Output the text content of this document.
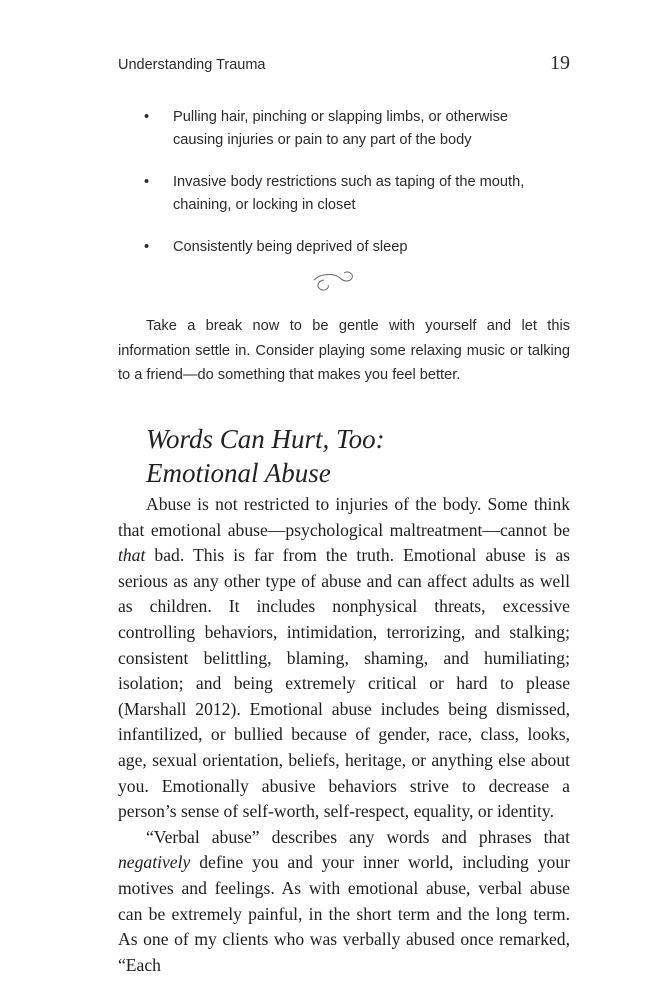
Understanding Trauma	19
• Pulling hair, pinching or slapping limbs, or otherwise causing injuries or pain to any part of the body
• Invasive body restrictions such as taping of the mouth, chaining, or locking in closet
• Consistently being deprived of sleep

Take a break now to be gentle with yourself and let this information settle in. Consider playing some relaxing music or talking to a friend—do something that makes you feel better.

Words Can Hurt, Too:
Emotional Abuse

Abuse is not restricted to injuries of the body. Some think that emotional abuse—psychological maltreatment—cannot be that bad. This is far from the truth. Emotional abuse is as serious as any other type of abuse and can affect adults as well as children. It includes nonphysical threats, excessive controlling behaviors, intimidation, terrorizing, and stalking; consistent belittling, blaming, shaming, and humiliating; isolation; and being extremely critical or hard to please (Marshall 2012). Emotional abuse includes being dismissed, infantilized, or bullied because of gender, race, class, looks, age, sexual orientation, beliefs, heritage, or anything else about you. Emotionally abusive behaviors strive to decrease a person’s sense of self-worth, self-respect, equality, or identity.

“Verbal abuse” describes any words and phrases that negatively define you and your inner world, including your motives and feelings. As with emotional abuse, verbal abuse can be extremely painful, in the short term and the long term. As one of my clients who was verbally abused once remarked, “Each
